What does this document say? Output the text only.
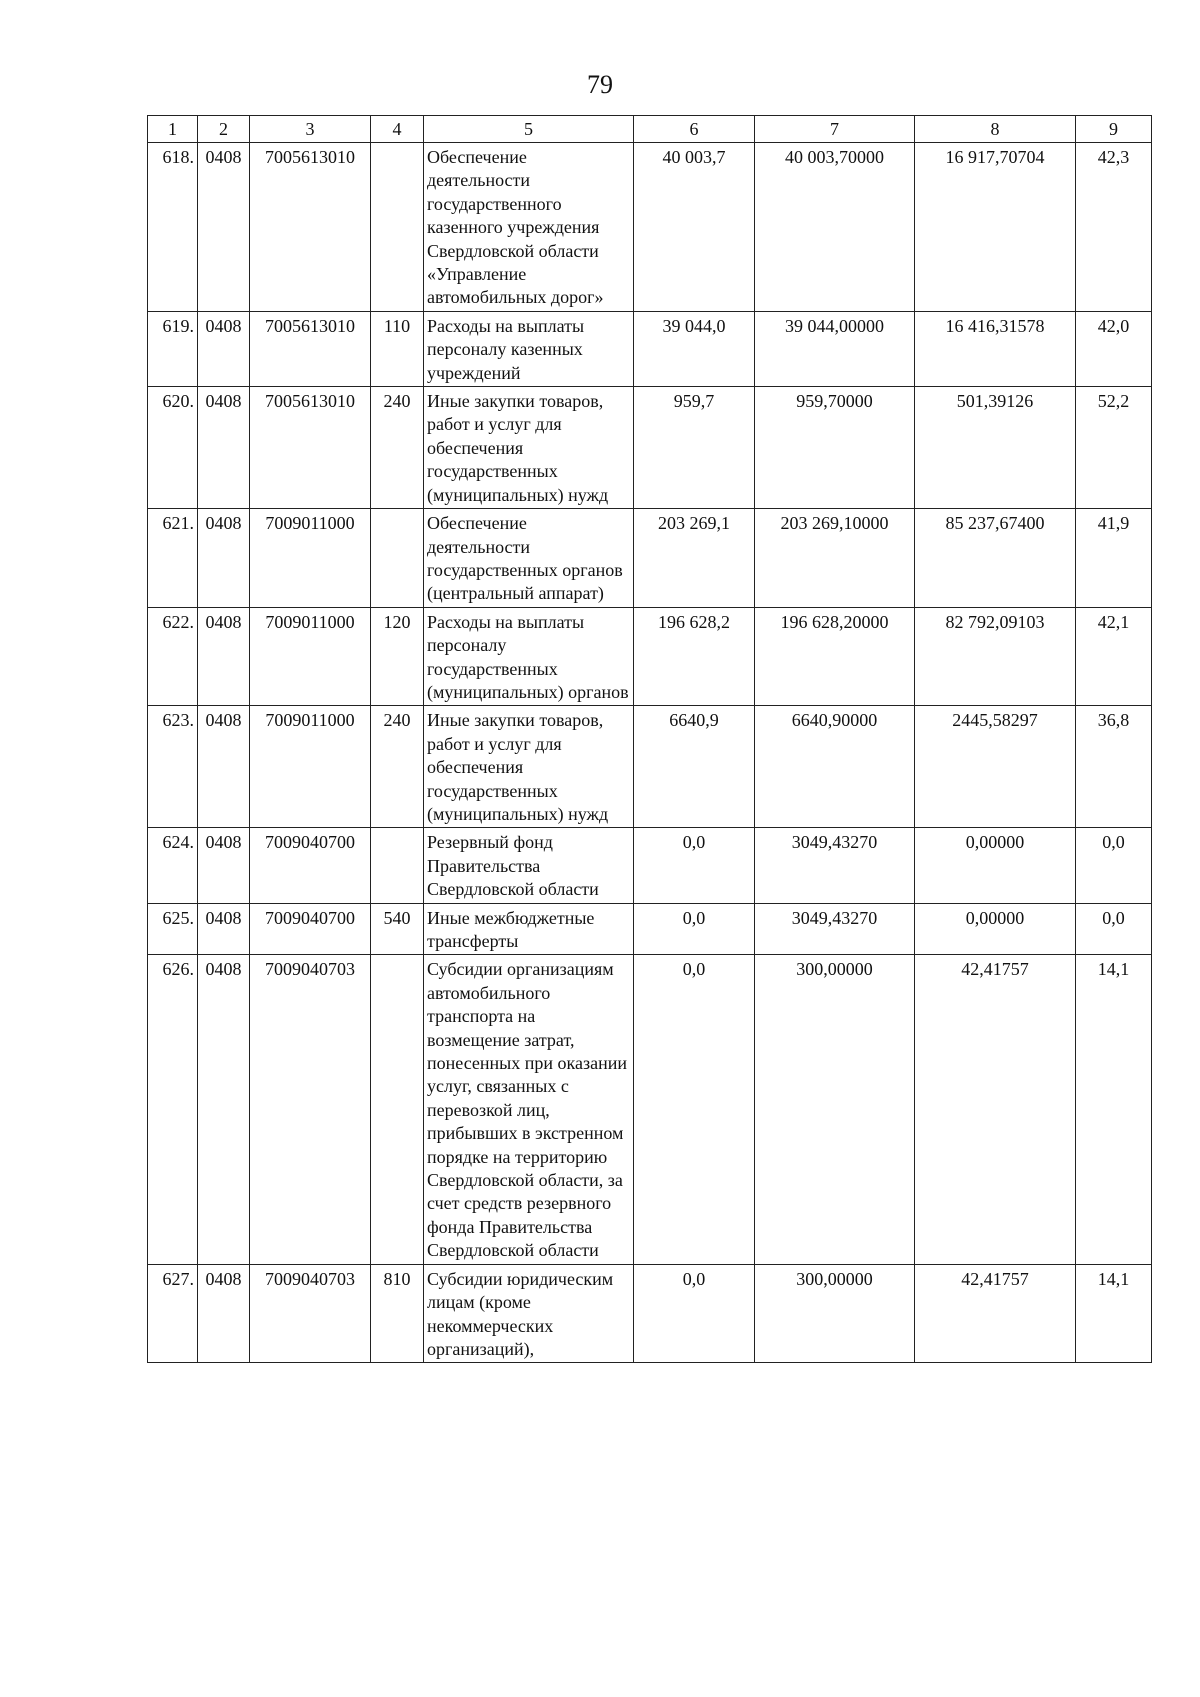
79
1	2	3	4	5	6	7	8	9
618.	0408	7005613010		Обеспечение деятельности государственного казенного учреждения Свердловской области «Управление автомобильных дорог»	40 003,7	40 003,70000	16 917,70704	42,3
619.	0408	7005613010	110	Расходы на выплаты персоналу казенных учреждений	39 044,0	39 044,00000	16 416,31578	42,0
620.	0408	7005613010	240	Иные закупки товаров, работ и услуг для обеспечения государственных (муниципальных) нужд	959,7	959,70000	501,39126	52,2
621.	0408	7009011000		Обеспечение деятельности государственных органов (центральный аппарат)	203 269,1	203 269,10000	85 237,67400	41,9
622.	0408	7009011000	120	Расходы на выплаты персоналу государственных (муниципальных) органов	196 628,2	196 628,20000	82 792,09103	42,1
623.	0408	7009011000	240	Иные закупки товаров, работ и услуг для обеспечения государственных (муниципальных) нужд	6640,9	6640,90000	2445,58297	36,8
624.	0408	7009040700		Резервный фонд Правительства Свердловской области	0,0	3049,43270	0,00000	0,0
625.	0408	7009040700	540	Иные межбюджетные трансферты	0,0	3049,43270	0,00000	0,0
626.	0408	7009040703		Субсидии организациям автомобильного транспорта на возмещение затрат, понесенных при оказании услуг, связанных с перевозкой лиц, прибывших в экстренном порядке на территорию Свердловской области, за счет средств резервного фонда Правительства Свердловской области	0,0	300,00000	42,41757	14,1
627.	0408	7009040703	810	Субсидии юридическим лицам (кроме некоммерческих организаций),	0,0	300,00000	42,41757	14,1
